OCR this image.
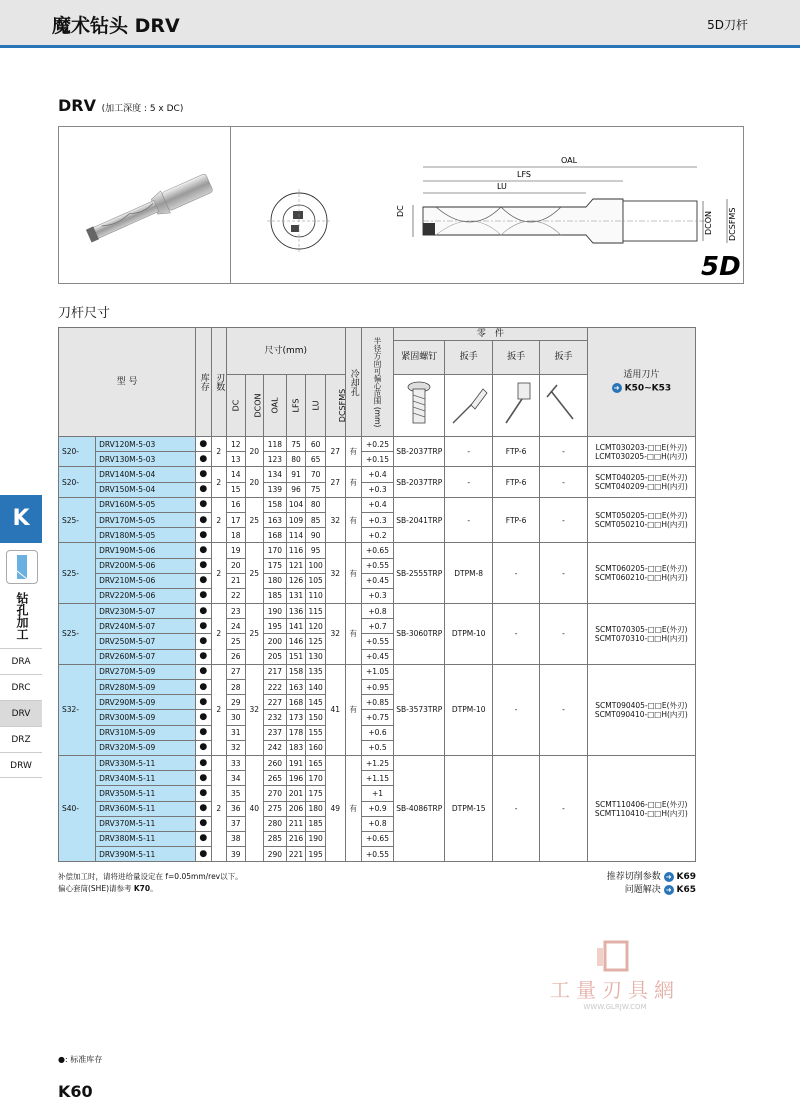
魔术钻头 DRV	5D刀杆
DRV (加工深度 : 5 x DC)
DC
OAL
LFS
LU
DCON DCSFMS
5D
刀杆尺寸
型 号		库存	刃数	尺寸(mm)						冷却孔	半径方向可偏心范围 (mm)	零　件				适用刀片
➜ K50~K53

												紧固螺钉	扳手	扳手	扳手	
				DC	DCON	OAL	LFS	LU	DCSFMS				
S20-	DRV120M-5-03	●	2	12	20	118	75	60	27	有	+0.25	SB-2037TRP	-	FTP-6	-	LCMT030203-□□E(外刃)
LCMT030205-□□H(内刃)

	DRV130M-5-03	●		13		123	80	65			+0.15					
S20-	DRV140M-5-04	●	2	14	20	134	91	70	27	有	+0.4	SB-2037TRP	-	FTP-6	-	SCMT040205-□□E(外刃)
SCMT040209-□□H(内刃)

	DRV150M-5-04	●		15		139	96	75			+0.3					
S25-	DRV160M-5-05	●	2	16	25	158	104	80	32	有	+0.4	SB-2041TRP	-	FTP-6	-	SCMT050205-□□E(外刃)
SCMT050210-□□H(内刃)

	DRV170M-5-05	●		17		163	109	85			+0.3					
	DRV180M-5-05	●		18		168	114	90			+0.2					
S25-	DRV190M-5-06	●	2	19	25	170	116	95	32	有	+0.65	SB-2555TRP	DTPM-8	-	-	SCMT060205-□□E(外刃)
SCMT060210-□□H(内刃)

	DRV200M-5-06	●		20		175	121	100			+0.55					
	DRV210M-5-06	●		21		180	126	105			+0.45					
	DRV220M-5-06	●		22		185	131	110			+0.3					
S25-	DRV230M-5-07	●	2	23	25	190	136	115	32	有	+0.8	SB-3060TRP	DTPM-10	-	-	SCMT070305-□□E(外刃)
SCMT070310-□□H(内刃)

	DRV240M-5-07	●		24		195	141	120			+0.7					
	DRV250M-5-07	●		25		200	146	125			+0.55					
	DRV260M-5-07	●		26		205	151	130			+0.45					
S32-	DRV270M-5-09	●	2	27	32	217	158	135	41	有	+1.05	SB-3573TRP	DTPM-10	-	-	SCMT090405-□□E(外刃)
SCMT090410-□□H(内刃)

	DRV280M-5-09	●		28		222	163	140			+0.95					
	DRV290M-5-09	●		29		227	168	145			+0.85					
	DRV300M-5-09	●		30		232	173	150			+0.75					
	DRV310M-5-09	●		31		237	178	155			+0.6					
	DRV320M-5-09	●		32		242	183	160			+0.5					
S40-	DRV330M-5-11	●	2	33	40	260	191	165	49	有	+1.25	SB-4086TRP	DTPM-15	-	-	SCMT110406-□□E(外刃)
SCMT110410-□□H(内刃)

	DRV340M-5-11	●		34		265	196	170			+1.15					
	DRV350M-5-11	●		35		270	201	175			+1					
	DRV360M-5-11	●		36		275	206	180			+0.9					
	DRV370M-5-11	●		37		280	211	185			+0.8					
	DRV380M-5-11	●		38		285	216	190			+0.65					
	DRV390M-5-11	●		39		290	221	195			+0.55					
补偿加工时，请将进给量设定在 f=0.05mm/rev以下。
偏心套筒(SHE)请参考 K70。
推荐切削参数 ➜ K69
问题解决 ➜ K65
K
钻孔加工
DRA
DRC
DRV
DRZ
DRW
工量刃具網
WWW.GLRJW.COM
●: 标准库存
K60
